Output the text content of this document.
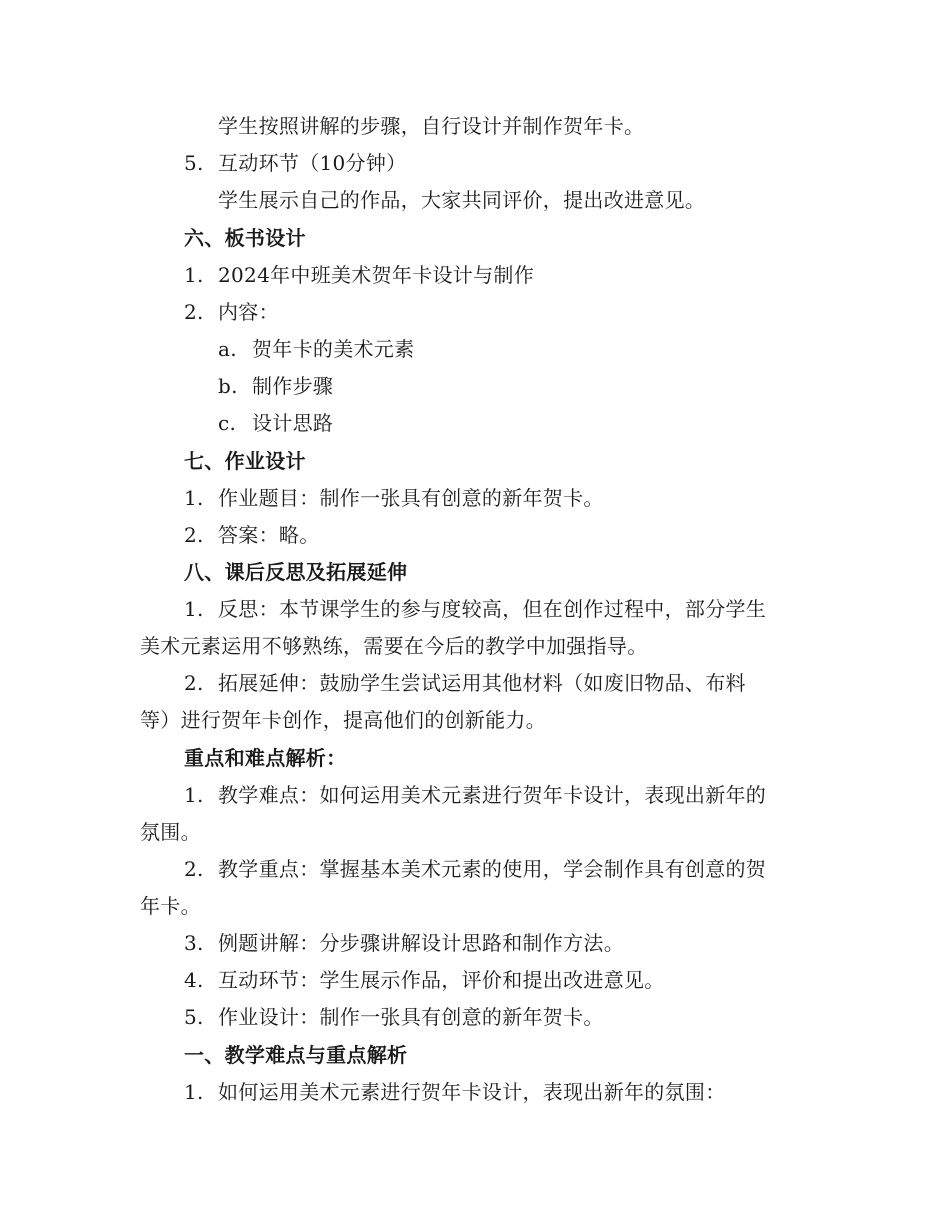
学生按照讲解的步骤，自行设计并制作贺年卡。
5. 互动环节（10分钟）
学生展示自己的作品，大家共同评价，提出改进意见。
六、板书设计
1. 2024年中班美术贺年卡设计与制作
2. 内容：
a. 贺年卡的美术元素
b. 制作步骤
c. 设计思路
七、作业设计
1. 作业题目：制作一张具有创意的新年贺卡。
2. 答案：略。
八、课后反思及拓展延伸
1. 反思：本节课学生的参与度较高，但在创作过程中，部分学生
美术元素运用不够熟练，需要在今后的教学中加强指导。
2. 拓展延伸：鼓励学生尝试运用其他材料（如废旧物品、布料
等）进行贺年卡创作，提高他们的创新能力。
重点和难点解析：
1. 教学难点：如何运用美术元素进行贺年卡设计，表现出新年的
氛围。
2. 教学重点：掌握基本美术元素的使用，学会制作具有创意的贺
年卡。
3. 例题讲解：分步骤讲解设计思路和制作方法。
4. 互动环节：学生展示作品，评价和提出改进意见。
5. 作业设计：制作一张具有创意的新年贺卡。
一、教学难点与重点解析
1. 如何运用美术元素进行贺年卡设计，表现出新年的氛围：
